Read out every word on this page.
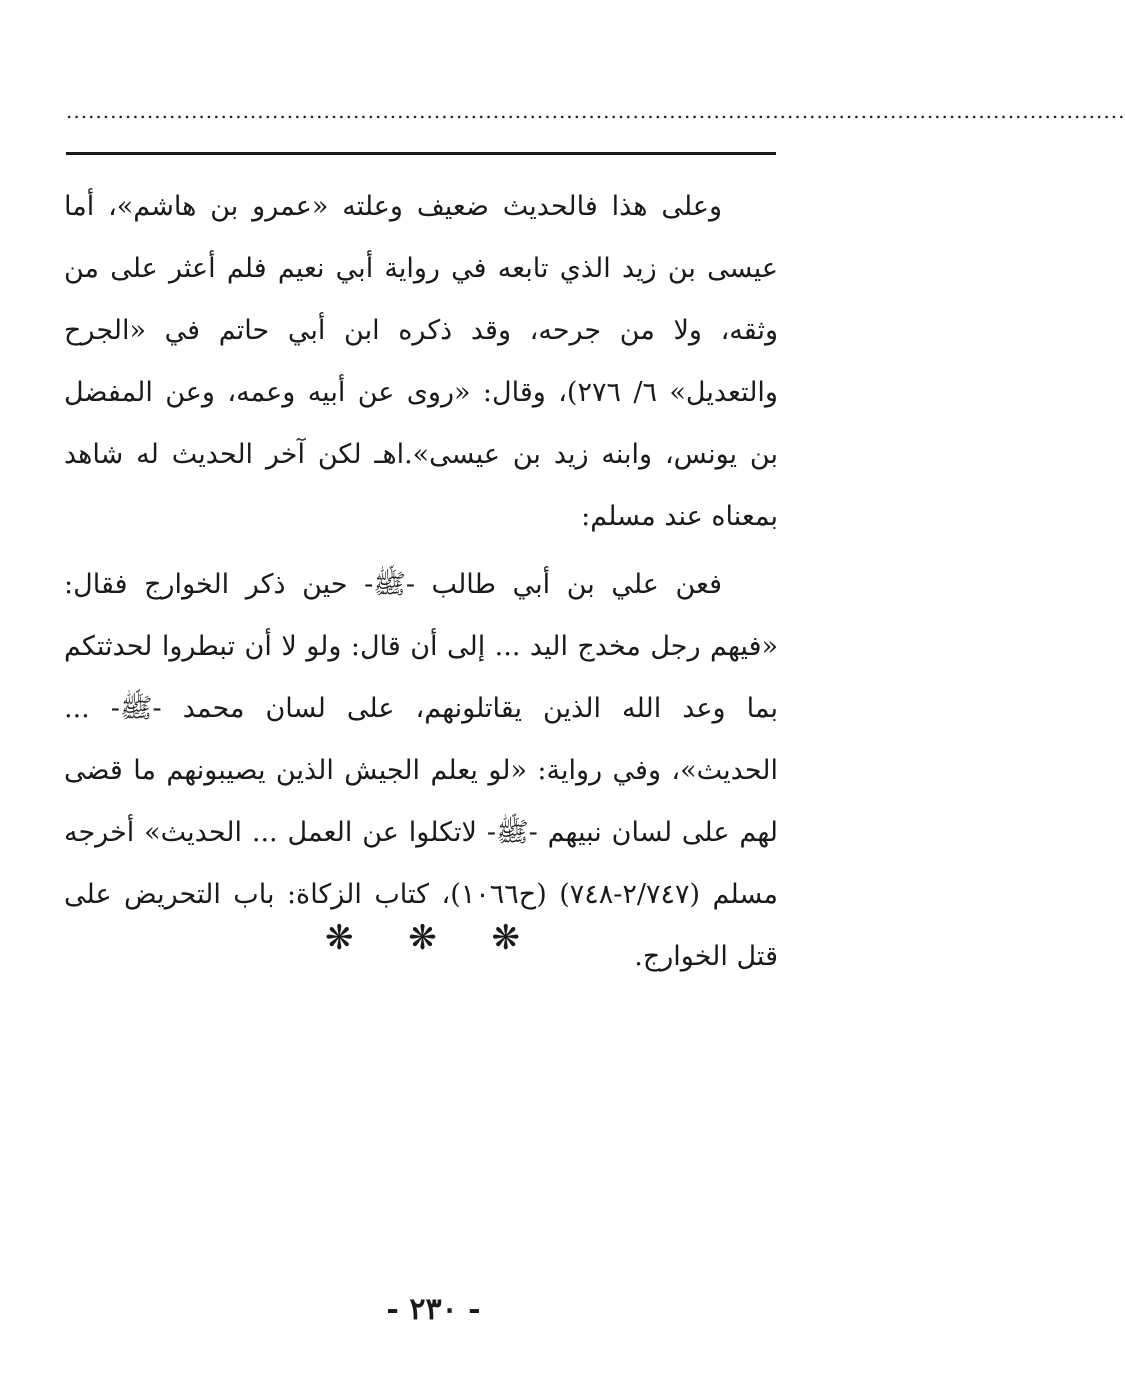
................................................................................................................................................

وعلى هذا فالحديث ضعيف وعلته «عمرو بن هاشم»، أما عيسى بن زيد الذي تابعه في رواية أبي نعيم فلم أعثر على من وثقه، ولا من جرحه، وقد ذكره ابن أبي حاتم في «الجرح والتعديل» ٦/ ٢٧٦)، وقال: «روى عن أبيه وعمه، وعن المفضل بن يونس، وابنه زيد بن عيسى».اهـ لكن آخر الحديث له شاهد بمعناه عند مسلم:

فعن علي بن أبي طالب -ﷺ- حين ذكر الخوارج فقال: «فيهم رجل مخدج اليد ... إلى أن قال: ولو لا أن تبطروا لحدثتكم بما وعد الله الذين يقاتلونهم، على لسان محمد -ﷺ- ... الحديث»، وفي رواية: «لو يعلم الجيش الذين يصيبونهم ما قضى لهم على لسان نبيهم -ﷺ- لاتكلوا عن العمل ... الحديث» أخرجه مسلم (٢/٧٤٧-٧٤٨) (ح١٠٦٦)، كتاب الزكاة: باب التحريض على قتل الخوارج.

❋ ❋ ❋
- ٢٣٠ -
